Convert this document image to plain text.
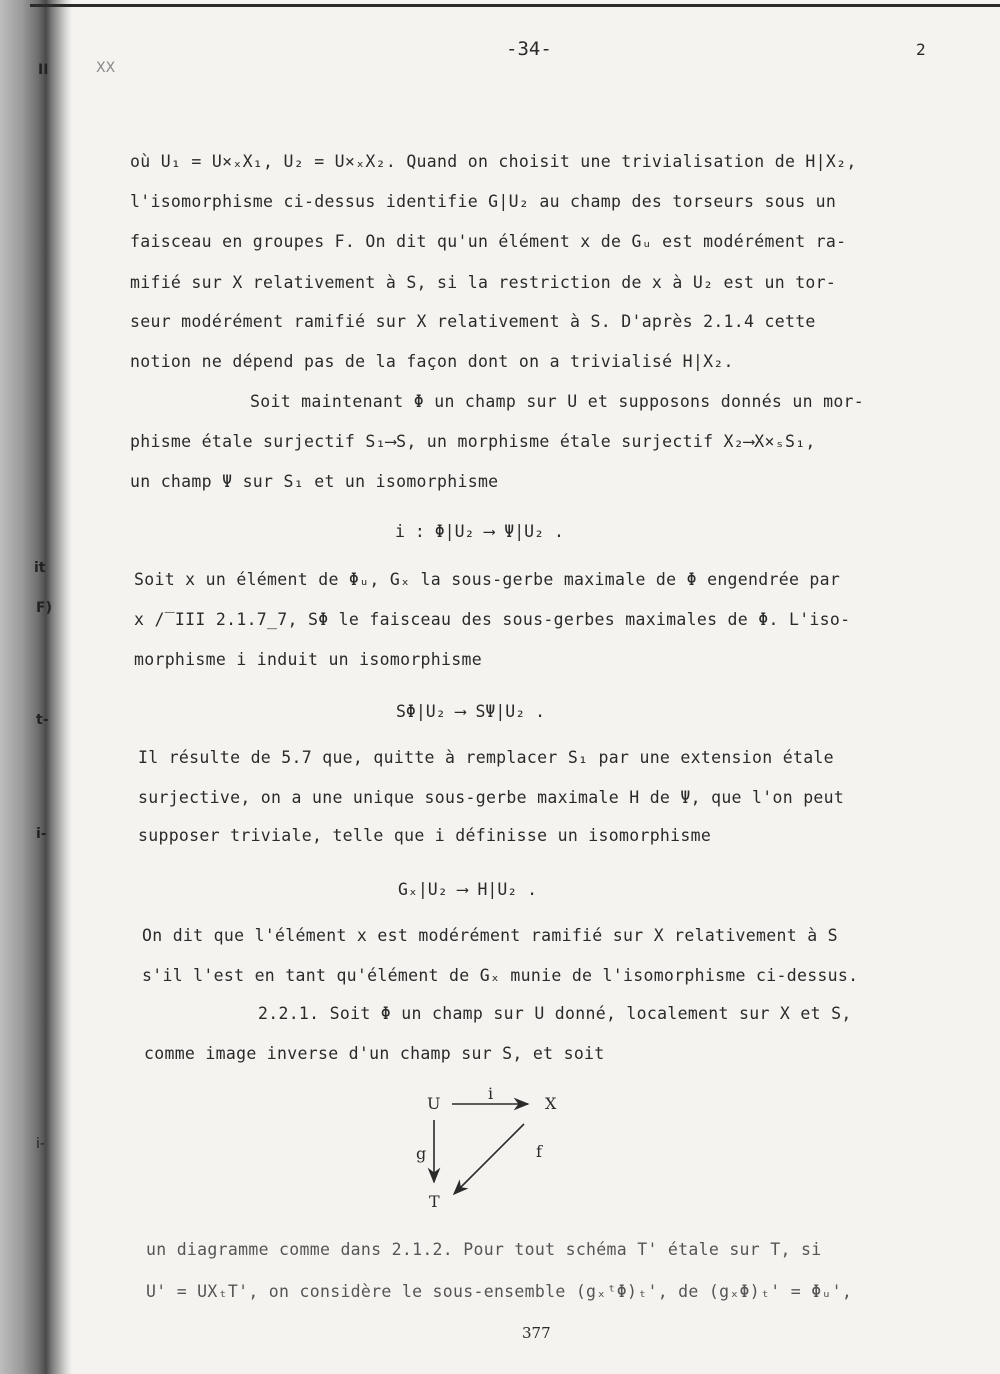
II	XX
it
F)
t-
i-
i-
-34-	2
où U₁ = U×ₓX₁, U₂ = U×ₓX₂. Quand on choisit une trivialisation de H|X₂,
l'isomorphisme ci-dessus identifie G|U₂ au champ des torseurs sous un
faisceau en groupes F. On dit qu'un élément x de Gᵤ est modérément ra-
mifié sur X relativement à S, si la restriction de x à U₂ est un tor-
seur modérément ramifié sur X relativement à S. D'après 2.1.4 cette
notion ne dépend pas de la façon dont on a trivialisé H|X₂.
Soit maintenant Φ un champ sur U et supposons donnés un mor-
phisme étale surjectif S₁⟶S, un morphisme étale surjectif X₂⟶X×ₛS₁,
un champ Ψ sur S₁ et un isomorphisme
i : Φ|U₂ ⟶ Ψ|U₂ .
Soit x un élément de Φᵤ, Gₓ la sous-gerbe maximale de Φ engendrée par
x /‾III 2.1.7_7, SΦ le faisceau des sous-gerbes maximales de Φ. L'iso-
morphisme i induit un isomorphisme
SΦ|U₂ ⟶ SΨ|U₂ .
Il résulte de 5.7 que, quitte à remplacer S₁ par une extension étale
surjective, on a une unique sous-gerbe maximale H de Ψ, que l'on peut
supposer triviale, telle que i définisse un isomorphisme
Gₓ|U₂ ⟶ H|U₂ .
On dit que l'élément x est modérément ramifié sur X relativement à S
s'il l'est en tant qu'élément de Gₓ munie de l'isomorphisme ci-dessus.
2.2.1. Soit Φ un champ sur U donné, localement sur X et S,
comme image inverse d'un champ sur S, et soit
U	X
T
i
g	f
un diagramme comme dans 2.1.2. Pour tout schéma T' étale sur T, si
U' = UXₜT', on considère le sous-ensemble (gₓᵗΦ)ₜ', de (gₓΦ)ₜ' = Φᵤ',
377
